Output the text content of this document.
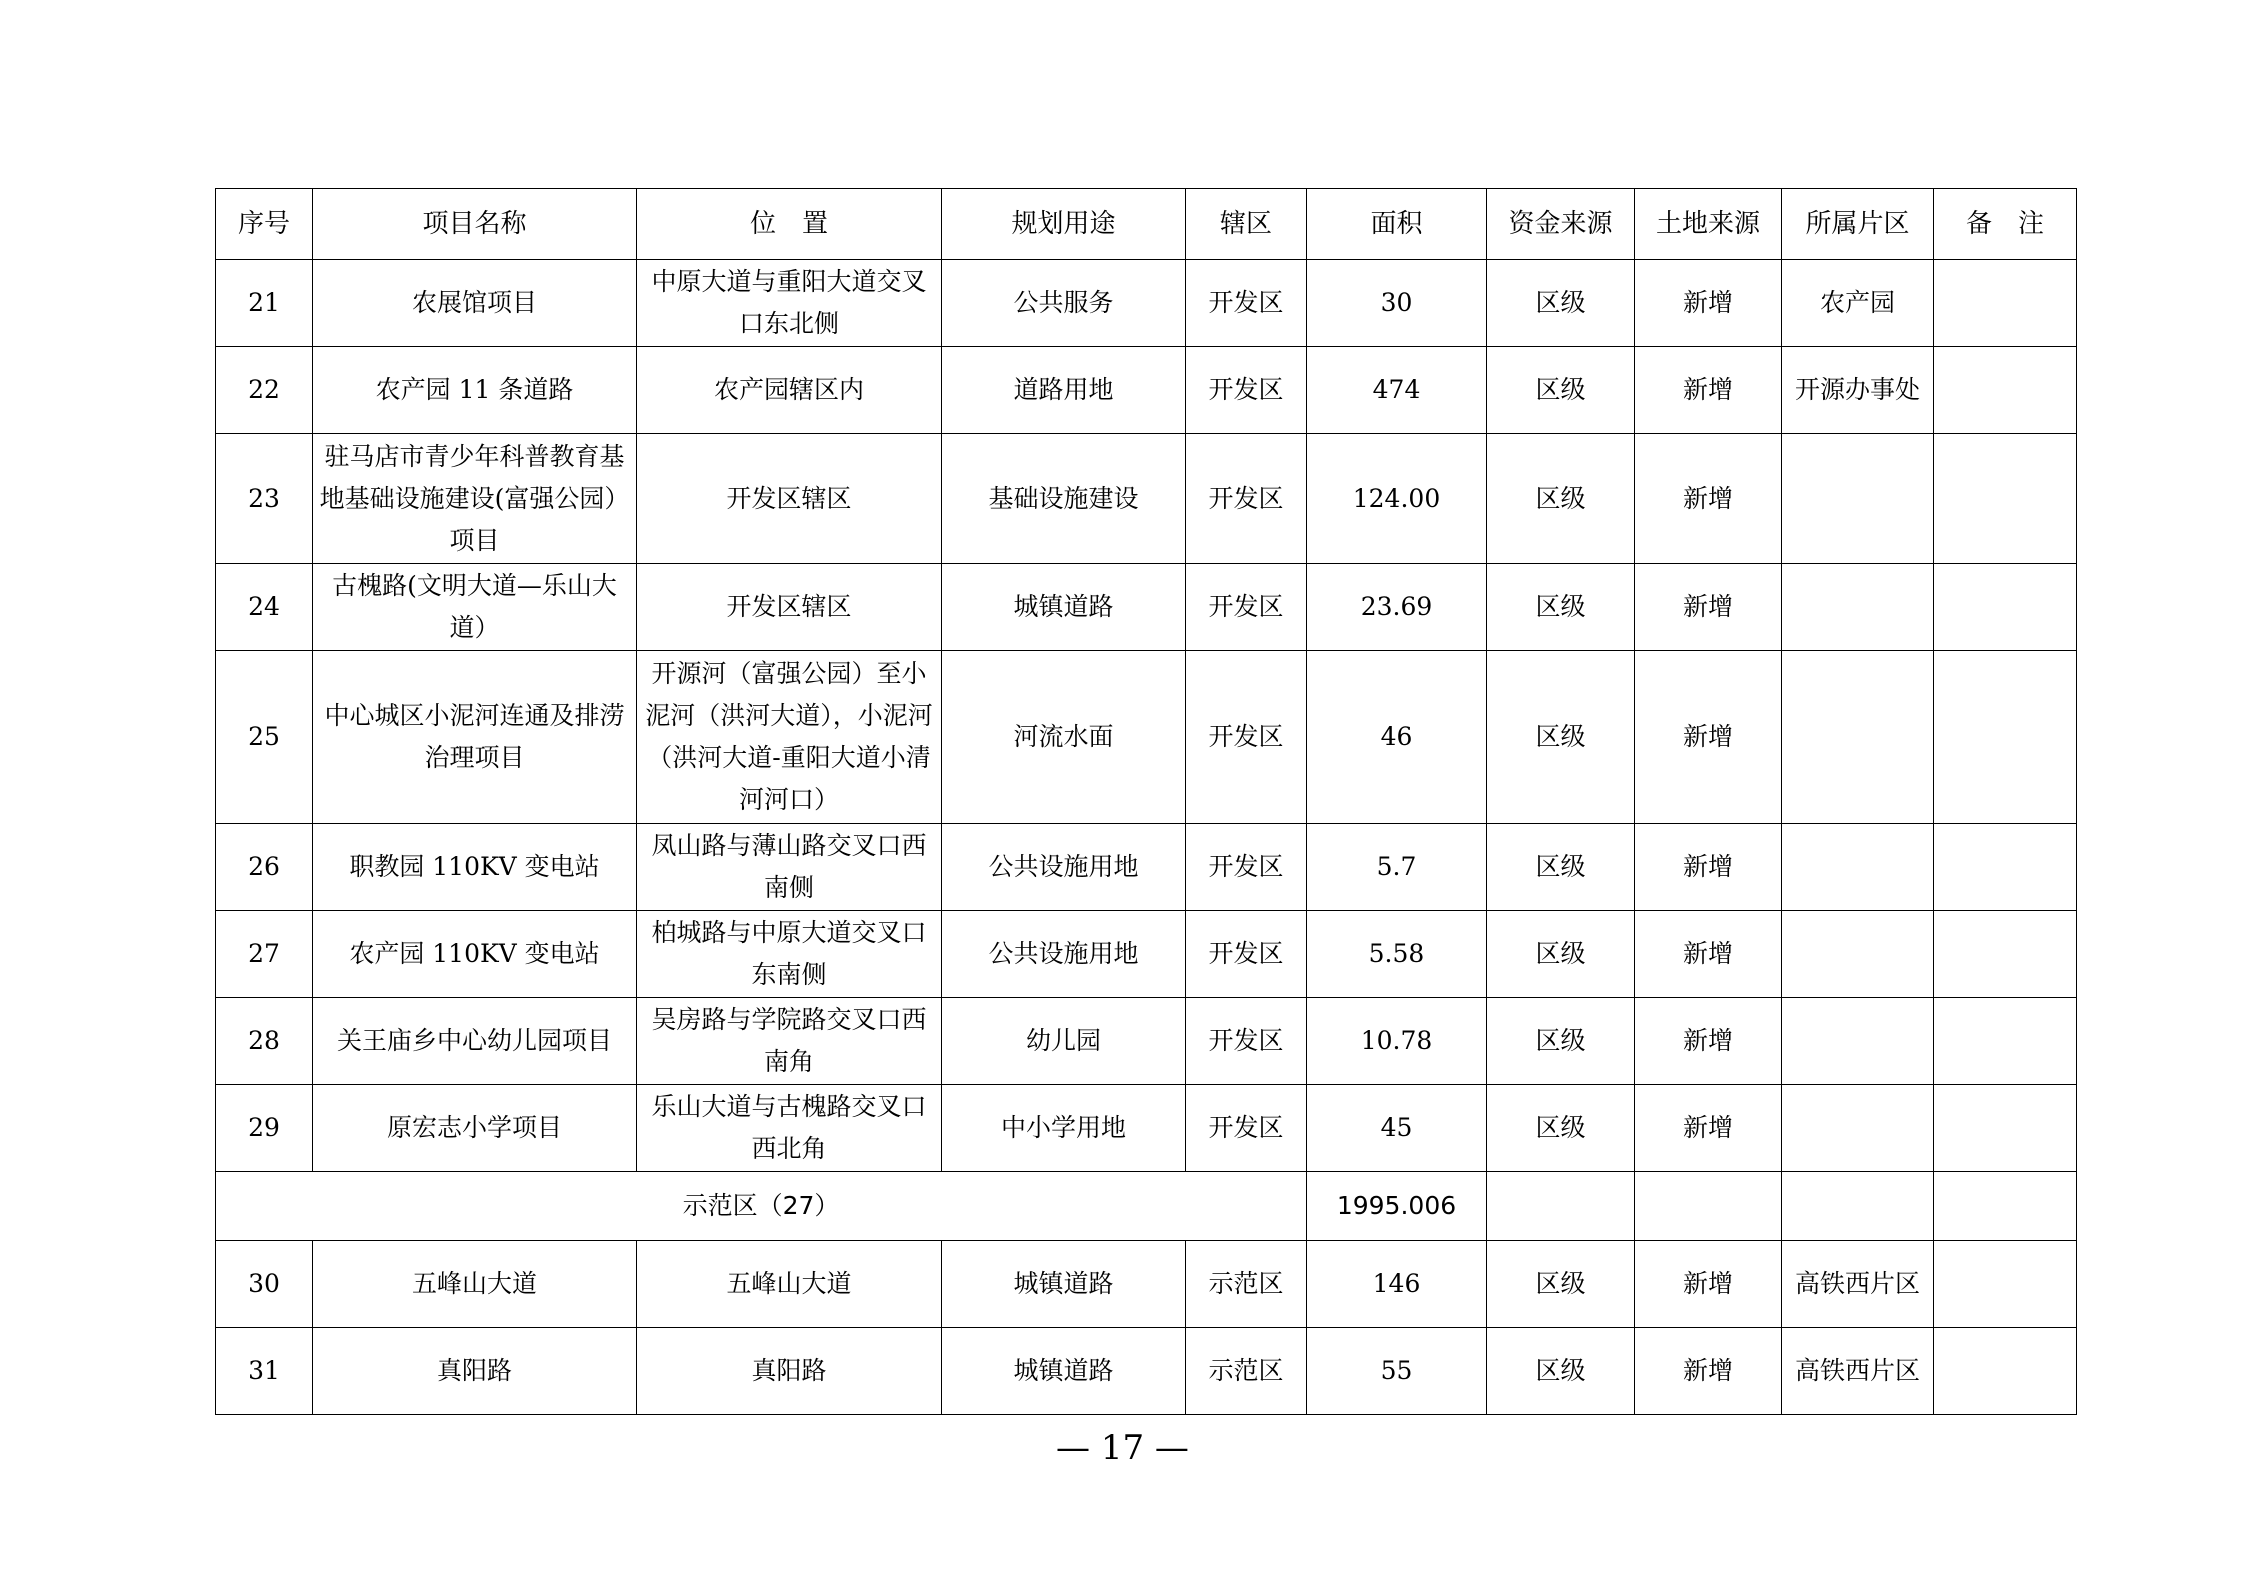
序号	项目名称	位　置	规划用途	辖区	面积	资金来源	土地来源	所属片区	备　注
21	农展馆项目	中原大道与重阳大道交叉口东北侧	公共服务	开发区	30	区级	新增	农产园	
22	农产园 11 条道路	农产园辖区内	道路用地	开发区	474	区级	新增	开源办事处	
23	驻马店市青少年科普教育基地基础设施建设(富强公园）项目	开发区辖区	基础设施建设	开发区	124.00	区级	新增		
24	古槐路(文明大道—乐山大道）	开发区辖区	城镇道路	开发区	23.69	区级	新增		
25	中心城区小泥河连通及排涝治理项目	开源河（富强公园）至小泥河（洪河大道），小泥河（洪河大道-重阳大道小清河河口）	河流水面	开发区	46	区级	新增		
26	职教园 110KV 变电站	凤山路与薄山路交叉口西南侧	公共设施用地	开发区	5.7	区级	新增		
27	农产园 110KV 变电站	柏城路与中原大道交叉口东南侧	公共设施用地	开发区	5.58	区级	新增		
28	关王庙乡中心幼儿园项目	吴房路与学院路交叉口西南角	幼儿园	开发区	10.78	区级	新增		
29	原宏志小学项目	乐山大道与古槐路交叉口西北角	中小学用地	开发区	45	区级	新增		
示范区（27）					1995.006				
30	五峰山大道	五峰山大道	城镇道路	示范区	146	区级	新增	高铁西片区	
31	真阳路	真阳路	城镇道路	示范区	55	区级	新增	高铁西片区	
— 17 —
